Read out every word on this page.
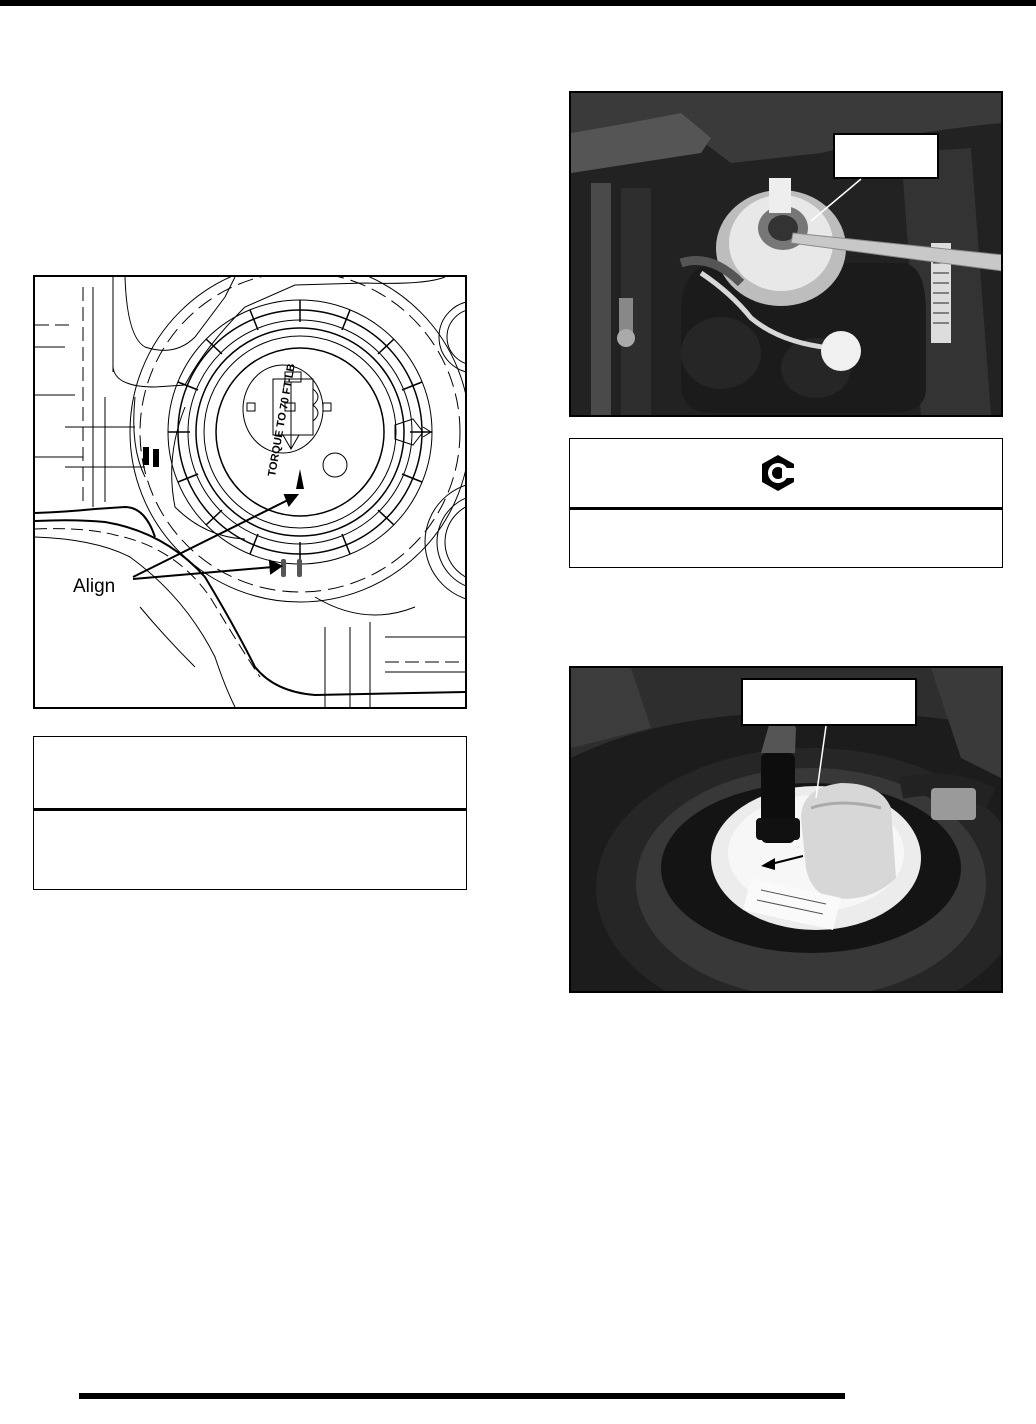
TORQUE TO 70 FT-LB
Align
